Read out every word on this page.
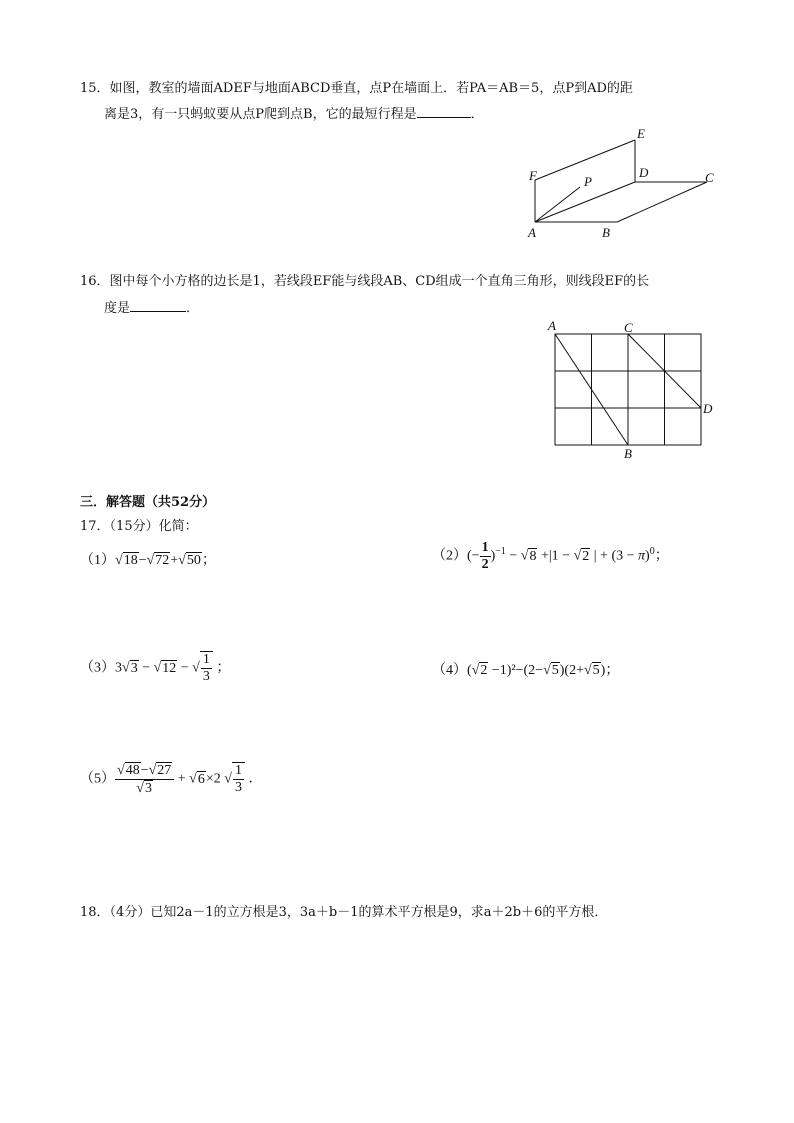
15．如图，教室的墙面ADEF与地面ABCD垂直，点P在墙面上．若PA＝AB＝5，点P到AD的距
离是3，有一只蚂蚁要从点P爬到点B，它的最短行程是	．
E
F	P
D	C
A	B
16．图中每个小方格的边长是1，若线段EF能与线段AB、CD组成一个直角三角形，则线段EF的长
度是	．
A	C
D
B
三．解答题（共52分）
17．（15分）化简：
（1）√18−√72+√50；	$(2)(- \frac{1}{2} )^{-1} - √8 +|1 - √2$ | + $(3 - \pi)^0$；
（3）3√3 − √12 − √ $\frac{1}{3}$ ；	（4）(√2 −1)²−(2−√5)(2+√5)；
$(5) \frac{√48-√27}{√3} + √6\times 2$ √ $\frac{1}{3}$ ．
18．（4分）已知2a－1的立方根是3，3a＋b－1的算术平方根是9，求a＋2b＋6的平方根．
